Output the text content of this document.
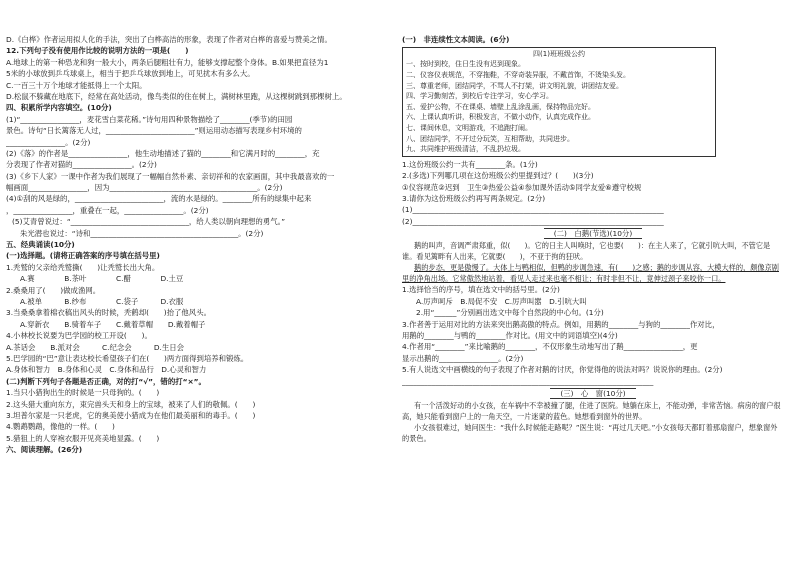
D.《白桦》作者运用拟人化的手法，突出了白桦高洁的形象，表现了作者对白桦的喜爱与赞美之情。
12.下列句子没有使用作比较的说明方法的一项是(　　)
A.地球上的第一种恐龙和狗一般大小，两条后腿粗壮有力，能够支撑起整个身体。B.如果把直径为1
5米的小球放到乒乓球桌上，相当于把乒乓球放到地上，可见扰木有多么大。
C.一百三十万个地球才能抵得上一个太阳。
D.松鼠不躲藏在地底下，经常在高处活动，像鸟类似的住在树上，满树林里跑，从这棵树跳到那棵树上。
四、积累所学内容填空。(10分)
(1)“________________，麦花雪白菜花稀。”诗句用四种景物描绘了________(季节)的田园
景色。诗句“日长篱落无人过，________________________”则运用动态描写表现乡村环境的
________________。(2分)
(2)《落》的作者是________________，他生动地描述了猫的________和它满月时的________，充
分表现了作者对猫的________________。(2分)
(3)《乡下人家》一课中作者为我们展现了一幅幅自然朴素、亲切祥和的农家画面，其中我最喜欢的一
幅画面________________，因为________________________________________。(2分)
(4)①刮的风是绿的，________________________，流的水是绿的。________所有的绿集中起来
，________________，重叠在一起，________________。(2分)
(5)艾青曾说过：“________________________________，给人类以朝向理想的勇气。”
朱光潜也说过：“诗和________________________________________。(2分)
五、经典诵读(10分)
(一)选择题。(请将正确答案的序号填在括号里)
1.秃鹫的父亲给秃鹫撕(　　)让秃鹫长出大角。
A.赛　　　　B.茶叶　　　　C.醋　　　　D.土豆
2.桑桑用了(　　)做成渔网。
A.被单　　　B.纱布　　　　C.袋子　　　D.衣服
3.当桑桑拿着棉衣稿出风头的时候，秃鹤却(　　)抬了他风头。
A.穿新衣　　B.骑着车子　　C.戴着草帽　　D.戴着帽子
4.小林校长说要为巴学园的校工开设(　　)。
A.茶话会　　B.派对会　　　C.纪念会　　　D.生日会
5.巴学园的“巴”意让表达校长希望孩子们在(　　)两方面得到培养和锻炼。
A.身体和智力　B.身体和心灵　C.身体和品行　D.心灵和智力
(二)判断下列句子各题是否正确，对的打“√”，错的打“×”。
1.当只小猎狗出生的时候是一只母狗的。(　　)
2.这头猎大重向东方，束完兽头天和身上的宝球，被来了人们的敬佩。(　　)
3.坦普尔家是一只老虎，它的奥美使小猎成为在他们最美丽和的毒手。(　　)
4.鹦鹉鹦鹉，像他的一样。(　　)
5.猎狙上的人穿袍衣服开见亮美地显露。(　　)
六、阅读理解。(26分)
(一)　非连续性文本阅读。(6分)
四(1)班班级公约
一、按时到校，住日生没有迟到现象。
二、仪容仪表规范，不穿拖鞋，不穿奇装异服，不戴首饰，不烫染头发。
三、尊重老师，团结同学，不骂人不打架，讲文明礼貌，讲团结友爱。
四、学习勤刻苦，到校后专注学习，安心学习。
五、爱护公物，不在课桌、墙壁上乱涂乱画，保持物品完好。
六、上课认真听讲，积极发言，不做小动作，认真完成作业。
七、课间休息，文明游戏，不追跑打闹。
八、团结同学，不开过分玩笑，互相帮助，共同进步。
九、共同维护班级清洁，不乱扔垃圾。
1.这份班级公约一共有________条。(1分)
2.(多选)下列哪几项在这份班级公约里提到过？(　　)(3分)
①仪容规范②迟到　卫生③热爱公益④参加课外活动⑤同学友爱⑥遵守校规
3.请你为这份班级公约再写两条规定。(2分)
(1)____________________________________________________________________
(2)____________________________________________________________________
(二)　白鹅(节选)(10分)
鹅的叫声，音调严肃郑重，似(　　)。它的日主人叫唤时，它也要(　　)：在主人来了，它就引吭大叫，不管它是谁。看见篱畔有人出来，它就要(　　)，不亚于拘的狂吠。
鹅的步态，更是傲慢了。大体上与鸭相似，但鸭的步调急速，有(　　)之感；鹅的步调从容，大模大样的，颇像京剧里的净角出场。它常傲然地站着，看见人走过来也毫不相让；有时非但不让，竟伸过颈子来咬你一口。
1.选择恰当的序号，填在选文中的括号里。(2分)
A.厉声呵斥　B.局促不安　C.厉声叫嚣　D.引吭大叫
2.用“______”分别画出选文中每个自然段的中心句。(1分)
3.作者善于运用对比的方法来突出鹅高傲的特点。例如，用鹅的________与狗的________作对比，
用鹅的________与鸭的________作对比。(用文中的词语填空)(4分)
4.作者用“________”来比喻鹅的________，不仅形象生动地写出了鹅________________，更
显示出鹅的________________。(2分)
5.有人说选文中画横线的句子表现了作者对鹅的讨厌，你觉得他的说法对吗？说说你的理由。(2分)
____________________________________________________________________
(三)　心　窗(10分)
有一个活泼好动的小女孩，在车祸中不幸被撞了腿，住进了医院。她躺在床上，不能动弹，非常苦恼。病房的窗户很高，她只能看到窗户上的一角天空，一片迷蒙的蓝色。她想看到窗外的世界。
小女孩很难过，她问医生：“我什么时候能走路呢？”医生说：“再过几天吧。”小女孩每天都盯着那扇窗户，想象窗外的景色。
